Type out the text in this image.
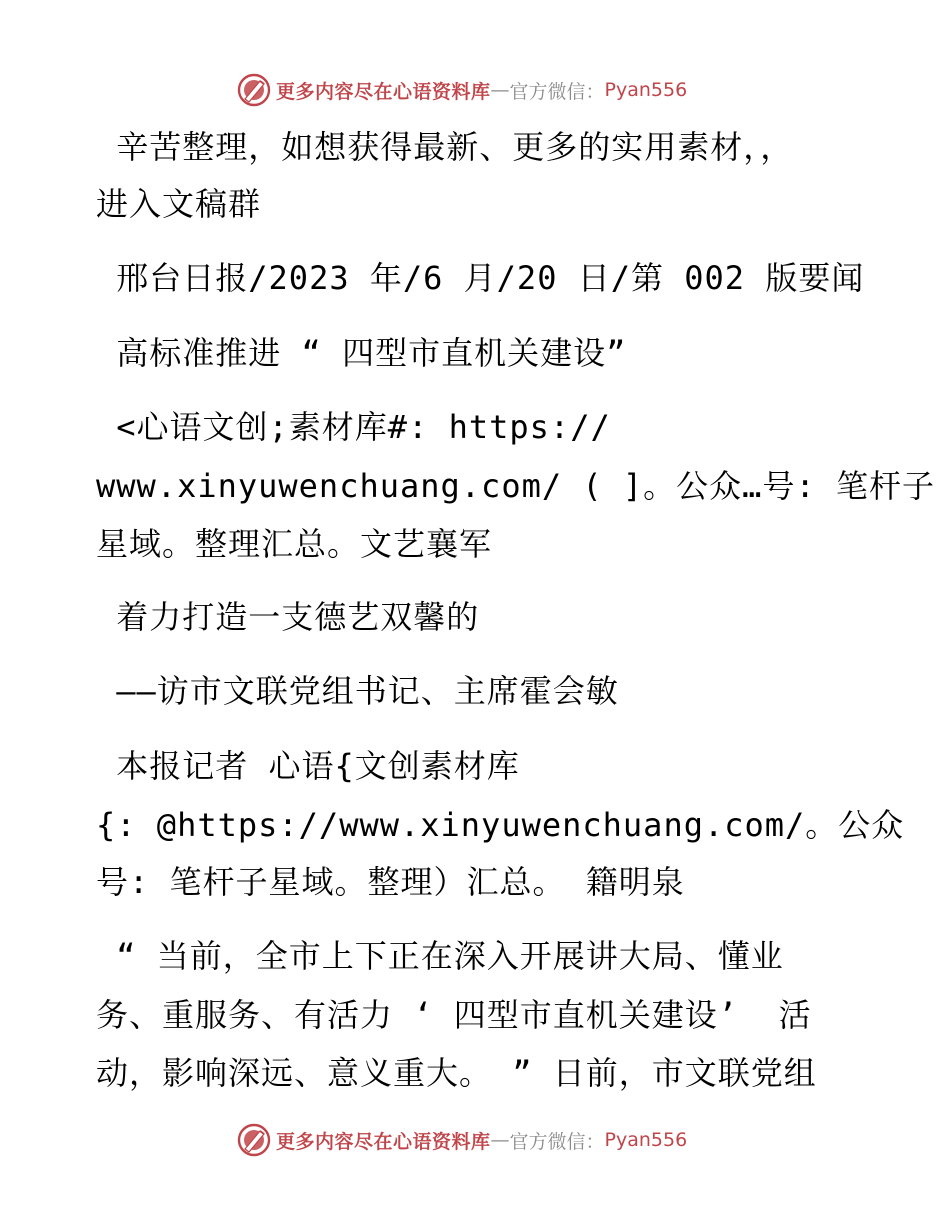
更多内容尽在心语资料库 — 官方微信： Pyan556
辛苦整理，如想获得最新、更多的实用素材，，
进入文稿群
邢台日报/2023 年/6 月/20 日/第 002 版要闻
高标准推进 “ 四型市直机关建设”
<心语文创;素材库#: https://
www.xinyuwenchuang.com/ ( ]。公众…号: 笔杆子
星域。整理汇总。文艺襄军
着力打造一支德艺双馨的
——访市文联党组书记、主席霍会敏
本报记者 心语{文创素材库
{: @https://www.xinyuwenchuang.com/。公众
号: 笔杆子星域。整理）汇总。 籍明泉
“ 当前，全市上下正在深入开展讲大局、懂业
务、重服务、有活力 ‘ 四型市直机关建设’  活
动，影响深远、意义重大。 ” 日前，市文联党组
更多内容尽在心语资料库 — 官方微信： Pyan556
